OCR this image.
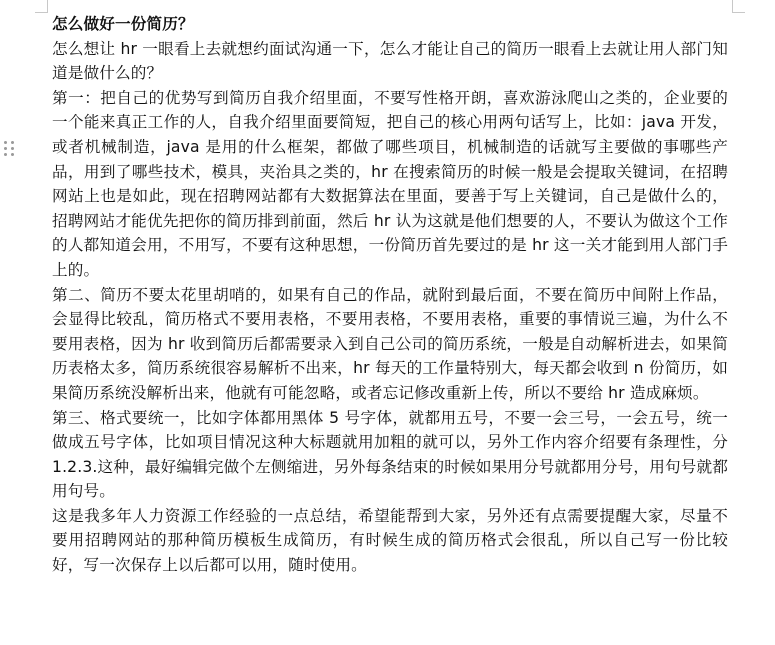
怎么做好一份简历？

怎么想让 hr 一眼看上去就想约面试沟通一下，怎么才能让自己的简历一眼看上去就让用人部门知道是做什么的？

第一：把自己的优势写到简历自我介绍里面，不要写性格开朗，喜欢游泳爬山之类的，企业要的一个能来真正工作的人，自我介绍里面要简短，把自己的核心用两句话写上，比如：java 开发，或者机械制造，java 是用的什么框架，都做了哪些项目，机械制造的话就写主要做的事哪些产品，用到了哪些技术，模具，夹治具之类的，hr 在搜索简历的时候一般是会提取关键词，在招聘网站上也是如此，现在招聘网站都有大数据算法在里面，要善于写上关键词，自己是做什么的，招聘网站才能优先把你的简历排到前面，然后 hr 认为这就是他们想要的人，不要认为做这个工作的人都知道会用，不用写，不要有这种思想，一份简历首先要过的是 hr 这一关才能到用人部门手上的。

第二、简历不要太花里胡哨的，如果有自己的作品，就附到最后面，不要在简历中间附上作品，会显得比较乱，简历格式不要用表格，不要用表格，不要用表格，重要的事情说三遍，为什么不要用表格，因为 hr 收到简历后都需要录入到自己公司的简历系统，一般是自动解析进去，如果简历表格太多，简历系统很容易解析不出来，hr 每天的工作量特别大，每天都会收到 n 份简历，如果简历系统没解析出来，他就有可能忽略，或者忘记修改重新上传，所以不要给 hr 造成麻烦。

第三、格式要统一，比如字体都用黑体 5 号字体，就都用五号，不要一会三号，一会五号，统一做成五号字体，比如项目情况这种大标题就用加粗的就可以，另外工作内容介绍要有条理性，分 1.2.3.这种，最好编辑完做个左侧缩进，另外每条结束的时候如果用分号就都用分号，用句号就都用句号。

这是我多年人力资源工作经验的一点总结，希望能帮到大家，另外还有点需要提醒大家，尽量不要用招聘网站的那种简历模板生成简历，有时候生成的简历格式会很乱，所以自己写一份比较好，写一次保存上以后都可以用，随时使用。
